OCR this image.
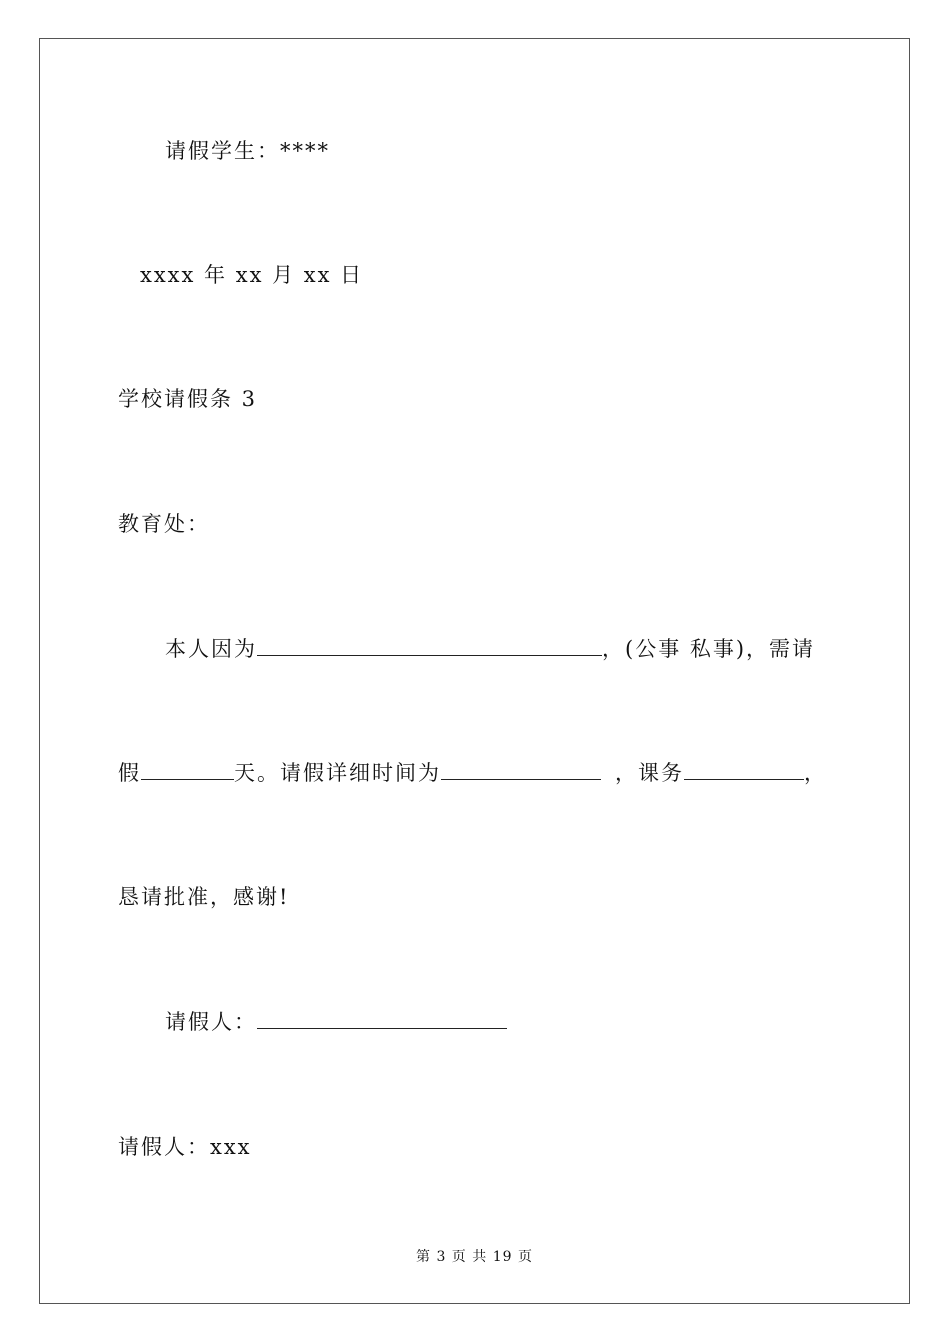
请假学生：****
xxxx 年 xx 月 xx 日
学校请假条 3
教育处：
本人因为	，(公事 私事)，需请
假	天。请假详细时间为	，课务	，
恳请批准，感谢!
请假人：
请假人：xxx
第 3 页 共 19 页
